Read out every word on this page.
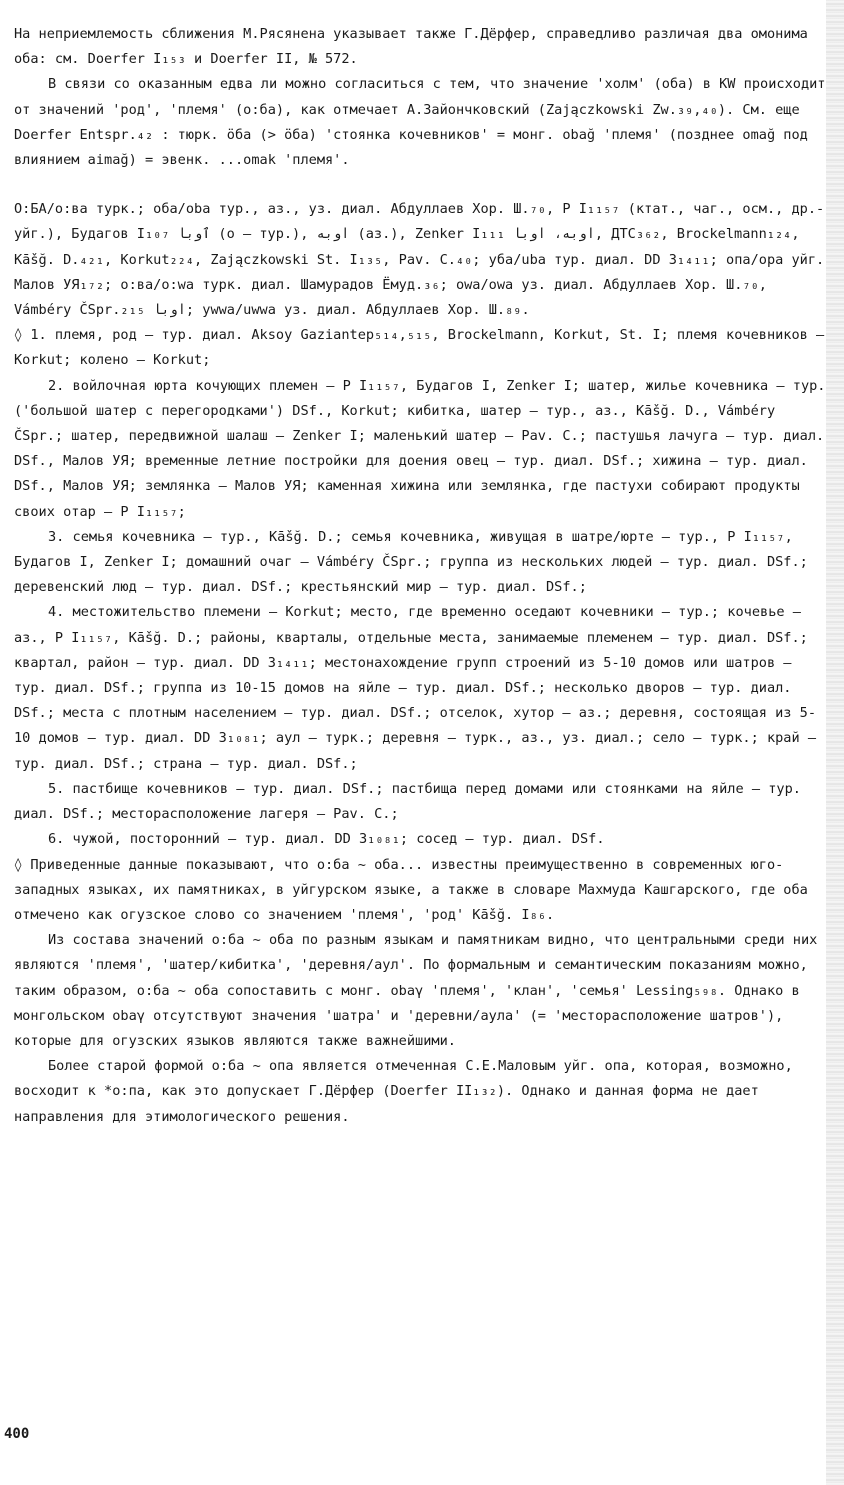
На неприемлемость сближения М.Рясянена указывает также Г.Дёрфер, справедливо различая два омонима оба: см. Doerfer I₁₅₃ и Doerfer II, № 572.

В связи со оказанным едва ли можно согласиться с тем, что значение 'холм' (оба) в KW происходит от значений 'род', 'племя' (о:ба), как отмечает А.Зайончковский (Zajączkowski Zw.₃₉,₄₀). См. еще Doerfer Entspr.₄₂ : тюрк. ӧба (> ӧба) 'стоянка кочевников' = монг. obağ 'племя' (позднее omağ под влиянием aimağ) = эвенк. ...omak 'племя'.

О:БА/о:ва турк.; оба/оbа тур., аз., уз. диал. Абдуллаев Хор. Ш.₇₀, Р I₁₁₅₇ (ктат., чаг., осм., др.-уйг.), Будагов I₁₀₇ ٱوبا (о – тур.), اوبه (аз.), Zenker I₁₁₁ اوبه، اوبا, ДТС₃₆₂, Brockelmann₁₂₄, Kāšğ. D.₄₂₁, Korkut₂₂₄, Zajączkowski St. I₁₃₅, Pav. C.₄₀; уба/uba тур. диал. DD 3₁₄₁₁; опа/ора уйг. Малов УЯ₁₇₂; о:ва/о:wa турк. диал. Шамурадов Ёмуд.₃₆; оwа/оwа уз. диал. Абдуллаев Хор. Ш.₇₀, Vámbéry ČSpr.₂₁₅ اوبا; уwwа/uwwa уз. диал. Абдуллаев Хор. Ш.₈₉.

◊ 1. племя, род – тур. диал. Aksoy Gaziantep₅₁₄,₅₁₅, Brockelmann, Korkut, St. I; племя кочевников – Korkut; колено – Korkut;

2. войлочная юрта кочующих племен – Р I₁₁₅₇, Будагов I, Zenker I; шатер, жилье кочевника – тур. ('большой шатер с перегородками') DSf., Korkut; кибитка, шатер – тур., аз., Kāšğ. D., Vámbéry ČSpr.; шатер, передвижной шалаш – Zenker I; маленький шатер – Pav. C.; пастушья лачуга – тур. диал. DSf., Малов УЯ; временные летние постройки для доения овец – тур. диал. DSf.; хижина – тур. диал. DSf., Малов УЯ; землянка – Малов УЯ; каменная хижина или землянка, где пастухи собирают продукты своих отар – Р I₁₁₅₇;

3. семья кочевника – тур., Kāšğ. D.; семья кочевника, живущая в шатре/юрте – тур., Р I₁₁₅₇, Будагов I, Zenker I; домашний очаг – Vámbéry ČSpr.; группа из нескольких людей – тур. диал. DSf.; деревенский люд – тур. диал. DSf.; крестьянский мир – тур. диал. DSf.;

4. местожительство племени – Korkut; место, где временно оседают кочевники – тур.; кочевье – аз., Р I₁₁₅₇, Kāšğ. D.; районы, кварталы, отдельные места, занимаемые племенем – тур. диал. DSf.; квартал, район – тур. диал. DD 3₁₄₁₁; местонахождение групп строений из 5-10 домов или шатров – тур. диал. DSf.; группа из 10-15 домов на яйле – тур. диал. DSf.; несколько дворов – тур. диал. DSf.; места с плотным населением – тур. диал. DSf.; отселок, хутор – аз.; деревня, состоящая из 5-10 домов – тур. диал. DD 3₁₀₈₁; аул – турк.; деревня – турк., аз., уз. диал.; село – турк.; край – тур. диал. DSf.; страна – тур. диал. DSf.;

5. пастбище кочевников – тур. диал. DSf.; пастбища перед домами или стоянками на яйле – тур. диал. DSf.; месторасположение лагеря – Pav. C.;

6. чужой, посторонний – тур. диал. DD 3₁₀₈₁; сосед – тур. диал. DSf.

◊ Приведенные данные показывают, что о:ба ~ оба... известны преимущественно в современных юго-западных языках, их памятниках, в уйгурском языке, а также в словаре Махмуда Кашгарского, где оба отмечено как огузское слово со значением 'племя', 'род' Kāšğ. I₈₆.

Из состава значений о:ба ~ оба по разным языкам и памятникам видно, что центральными среди них являются 'племя', 'шатер/кибитка', 'деревня/аул'. По формальным и семантическим показаниям можно, таким образом, о:ба ~ оба сопоставить с монг. obaγ 'племя', 'клан', 'семья' Lessing₅₉₈. Однако в монгольском obaγ отсутствуют значения 'шатра' и 'деревни/аула' (= 'месторасположение шатров'), которые для огузских языков являются также важнейшими.

Более старой формой о:ба ~ опа является отмеченная С.Е.Маловым уйг. опа, которая, возможно, восходит к *о:па, как это допускает Г.Дёрфер (Doerfer II₁₃₂). Однако и данная форма не дает направления для этимологического решения.

400
